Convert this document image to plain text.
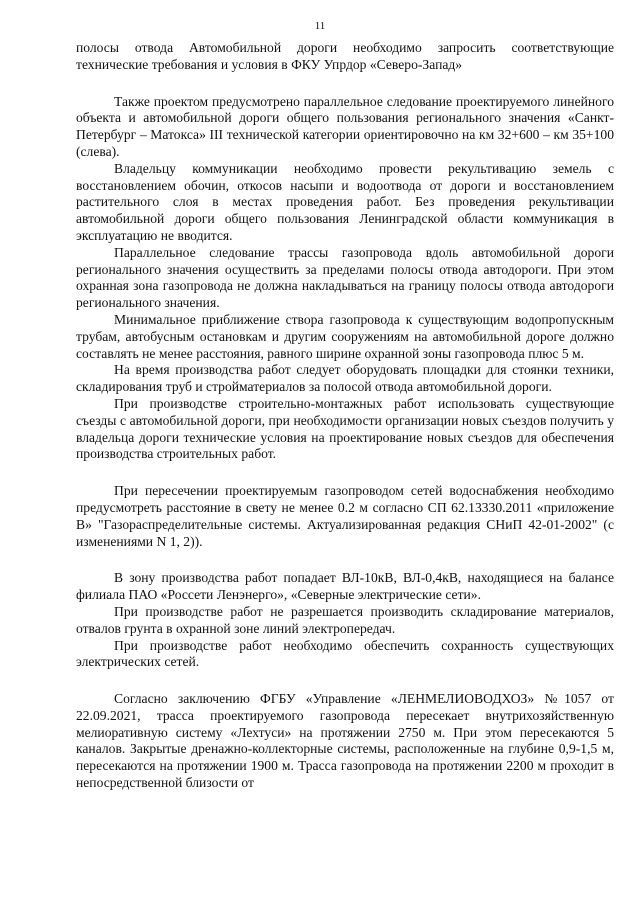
11

полосы отвода Автомобильной дороги необходимо запросить соответствующие технические требования и условия в ФКУ Упрдор «Северо-Запад»

Также проектом предусмотрено параллельное следование проектируемого линейного объекта и автомобильной дороги общего пользования регионального значения «Санкт-Петербург – Матокса» III технической категории ориентировочно на км 32+600 – км 35+100 (слева).

Владельцу коммуникации необходимо провести рекультивацию земель с восстановлением обочин, откосов насыпи и водоотвода от дороги и восстановлением растительного слоя в местах проведения работ. Без проведения рекультивации автомобильной дороги общего пользования Ленинградской области коммуникация в эксплуатацию не вводится.

Параллельное следование трассы газопровода вдоль автомобильной дороги регионального значения осуществить за пределами полосы отвода автодороги. При этом охранная зона газопровода не должна накладываться на границу полосы отвода автодороги регионального значения.

Минимальное приближение створа газопровода к существующим водопропускным трубам, автобусным остановкам и другим сооружениям на автомобильной дороге должно составлять не менее расстояния, равного ширине охранной зоны газопровода плюс 5 м.

На время производства работ следует оборудовать площадки для стоянки техники, складирования труб и стройматериалов за полосой отвода автомобильной дороги.

При производстве строительно-монтажных работ использовать существующие съезды с автомобильной дороги, при необходимости организации новых съездов получить у владельца дороги технические условия на проектирование новых съездов для обеспечения производства строительных работ.

При пересечении проектируемым газопроводом сетей водоснабжения необходимо предусмотреть расстояние в свету не менее 0.2 м согласно СП 62.13330.2011 «приложение В» "Газораспределительные системы. Актуализированная редакция СНиП 42-01-2002" (с изменениями N 1, 2)).

В зону производства работ попадает ВЛ-10кВ, ВЛ-0,4кВ, находящиеся на балансе филиала ПАО «Россети Ленэнерго», «Северные электрические сети».

При производстве работ не разрешается производить складирование материалов, отвалов грунта в охранной зоне линий электропередач.

При производстве работ необходимо обеспечить сохранность существующих электрических сетей.

Согласно заключению ФГБУ «Управление «ЛЕНМЕЛИОВОДХОЗ» №1057 от 22.09.2021, трасса проектируемого газопровода пересекает внутрихозяйственную мелиоративную систему «Лехтуси» на протяжении 2750 м. При этом пересекаются 5 каналов. Закрытые дренажно-коллекторные системы, расположенные на глубине 0,9-1,5 м, пересекаются на протяжении 1900 м. Трасса газопровода на протяжении 2200 м проходит в непосредственной близости от
